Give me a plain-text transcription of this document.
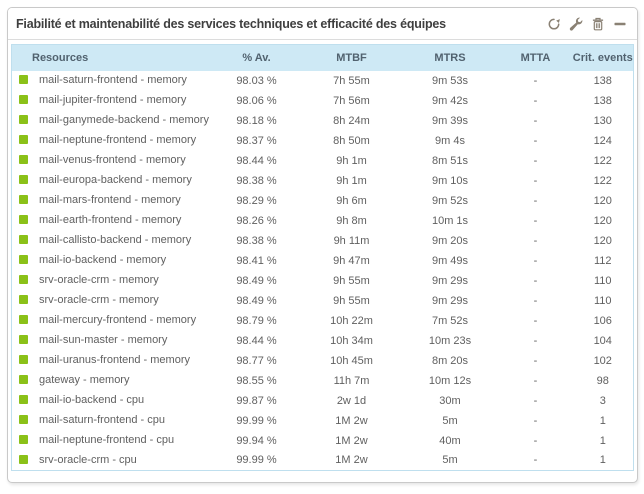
Fiabilité et maintenabilité des services techniques et efficacité des équipes
Resources	% Av.	MTBF	MTRS	MTTA	Crit. events
mail-saturn-frontend - memory	98.03 %	7h 55m	9m 53s	-	138
mail-jupiter-frontend - memory	98.06 %	7h 56m	9m 42s	-	138
mail-ganymede-backend - memory	98.18 %	8h 24m	9m 39s	-	130
mail-neptune-frontend - memory	98.37 %	8h 50m	9m 4s	-	124
mail-venus-frontend - memory	98.44 %	9h 1m	8m 51s	-	122
mail-europa-backend - memory	98.38 %	9h 1m	9m 10s	-	122
mail-mars-frontend - memory	98.29 %	9h 6m	9m 52s	-	120
mail-earth-frontend - memory	98.26 %	9h 8m	10m 1s	-	120
mail-callisto-backend - memory	98.38 %	9h 11m	9m 20s	-	120
mail-io-backend - memory	98.41 %	9h 47m	9m 49s	-	112
srv-oracle-crm - memory	98.49 %	9h 55m	9m 29s	-	110
srv-oracle-crm - memory	98.49 %	9h 55m	9m 29s	-	110
mail-mercury-frontend - memory	98.79 %	10h 22m	7m 52s	-	106
mail-sun-master - memory	98.44 %	10h 34m	10m 23s	-	104
mail-uranus-frontend - memory	98.77 %	10h 45m	8m 20s	-	102
gateway - memory	98.55 %	11h 7m	10m 12s	-	98
mail-io-backend - cpu	99.87 %	2w 1d	30m	-	3
mail-saturn-frontend - cpu	99.99 %	1M 2w	5m	-	1
mail-neptune-frontend - cpu	99.94 %	1M 2w	40m	-	1
srv-oracle-crm - cpu	99.99 %	1M 2w	5m	-	1
